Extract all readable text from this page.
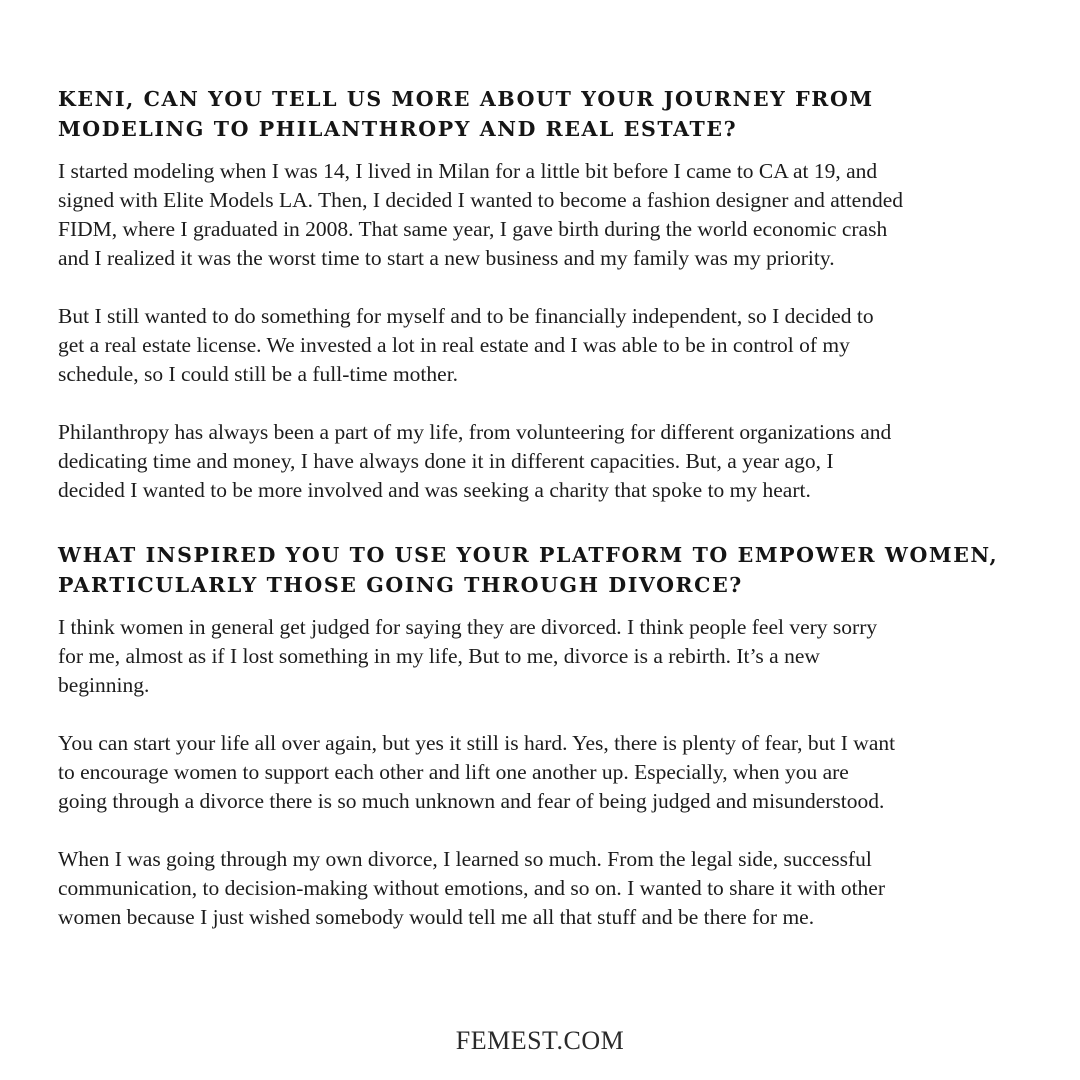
KENI, CAN YOU TELL US MORE ABOUT YOUR JOURNEY FROM
MODELING TO PHILANTHROPY AND REAL ESTATE?

I started modeling when I was 14, I lived in Milan for a little bit before I came to CA at 19, and
signed with Elite Models LA. Then, I decided I wanted to become a fashion designer and attended
FIDM, where I graduated in 2008. That same year, I gave birth during the world economic crash
and I realized it was the worst time to start a new business and my family was my priority.

But I still wanted to do something for myself and to be financially independent, so I decided to
get a real estate license. We invested a lot in real estate and I was able to be in control of my
schedule, so I could still be a full-time mother.

Philanthropy has always been a part of my life, from volunteering for different organizations and
dedicating time and money, I have always done it in different capacities. But, a year ago, I
decided I wanted to be more involved and was seeking a charity that spoke to my heart.

WHAT INSPIRED YOU TO USE YOUR PLATFORM TO EMPOWER WOMEN,
PARTICULARLY THOSE GOING THROUGH DIVORCE?

I think women in general get judged for saying they are divorced. I think people feel very sorry
for me, almost as if I lost something in my life, But to me, divorce is a rebirth. It’s a new
beginning.

You can start your life all over again, but yes it still is hard. Yes, there is plenty of fear, but I want
to encourage women to support each other and lift one another up. Especially, when you are
going through a divorce there is so much unknown and fear of being judged and misunderstood.

When I was going through my own divorce, I learned so much. From the legal side, successful
communication, to decision-making without emotions, and so on. I wanted to share it with other
women because I just wished somebody would tell me all that stuff and be there for me.

FEMEST.COM
